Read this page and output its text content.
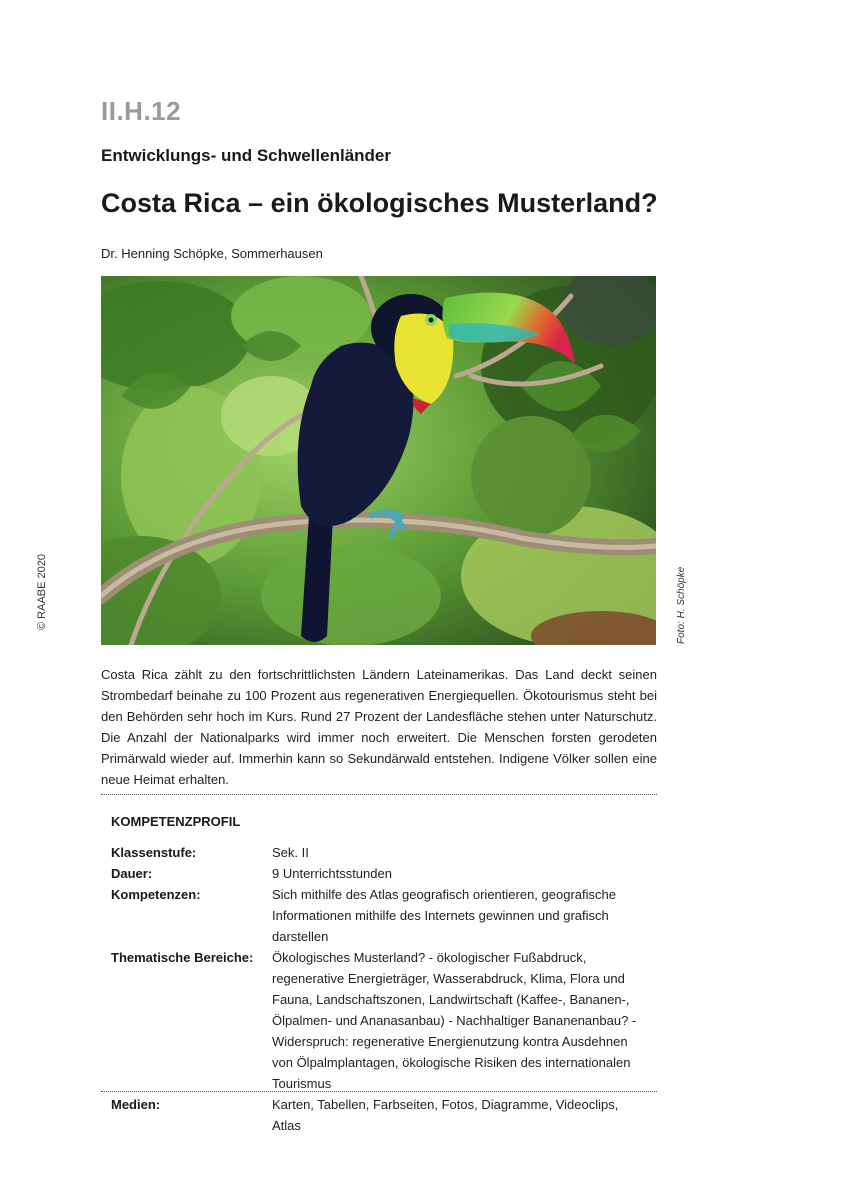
II.H.12
Entwicklungs- und Schwellenländer
Costa Rica – ein ökologisches Musterland?
Dr. Henning Schöpke, Sommerhausen
© RAABE 2020	Foto: H. Schöpke
Costa Rica zählt zu den fortschrittlichsten Ländern Lateinamerikas. Das Land deckt seinen Strombedarf beinahe zu 100 Prozent aus regenerativen Energiequellen. Ökotourismus steht bei den Behörden sehr hoch im Kurs. Rund 27 Prozent der Landesfläche stehen unter Naturschutz. Die Anzahl der Nationalparks wird immer noch erweitert. Die Menschen forsten gerodeten Primärwald wieder auf. Immerhin kann so Sekundärwald entstehen. Indigene Völker sollen eine neue Heimat erhalten.
KOMPETENZPROFIL
Klassenstufe:	Sek. II
Dauer:	9 Unterrichtsstunden
Kompetenzen:	Sich mithilfe des Atlas geografisch orientieren, geografische Informationen mithilfe des Internets gewinnen und grafisch darstellen
Thematische Bereiche:	Ökologisches Musterland? - ökologischer Fußabdruck, regenerative Energieträger, Wasserabdruck, Klima, Flora und Fauna, Landschaftszonen, Landwirtschaft (Kaffee-, Bananen-, Ölpalmen- und Ananasanbau) - Nachhaltiger Bananenanbau? - Widerspruch: regenerative Energienutzung kontra Ausdehnen von Ölpalmplantagen, ökologische Risiken des internationalen Tourismus
Medien:	Karten, Tabellen, Farbseiten, Fotos, Diagramme, Videoclips, Atlas
